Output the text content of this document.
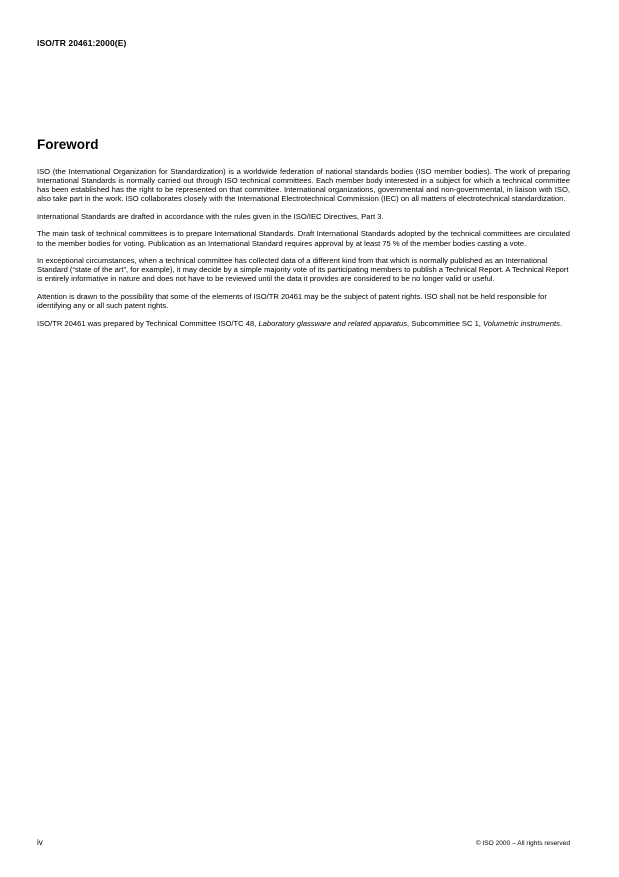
ISO/TR 20461:2000(E)
Foreword

ISO (the International Organization for Standardization) is a worldwide federation of national standards bodies (ISO member bodies). The work of preparing International Standards is normally carried out through ISO technical committees. Each member body interested in a subject for which a technical committee has been established has the right to be represented on that committee. International organizations, governmental and non-governmental, in liaison with ISO, also take part in the work. ISO collaborates closely with the International Electrotechnical Commission (IEC) on all matters of electrotechnical standardization.

International Standards are drafted in accordance with the rules given in the ISO/IEC Directives, Part 3.

The main task of technical committees is to prepare International Standards. Draft International Standards adopted by the technical committees are circulated to the member bodies for voting. Publication as an International Standard requires approval by at least 75 % of the member bodies casting a vote.

In exceptional circumstances, when a technical committee has collected data of a different kind from that which is normally published as an International Standard (“state of the art”, for example), it may decide by a simple majority vote of its participating members to publish a Technical Report. A Technical Report is entirely informative in nature and does not have to be reviewed until the data it provides are considered to be no longer valid or useful.

Attention is drawn to the possibility that some of the elements of ISO/TR 20461 may be the subject of patent rights. ISO shall not be held responsible for identifying any or all such patent rights.

ISO/TR 20461 was prepared by Technical Committee ISO/TC 48, Laboratory glassware and related apparatus, Subcommittee SC 1, Volumetric instruments.

iv	© ISO 2000 – All rights reserved
